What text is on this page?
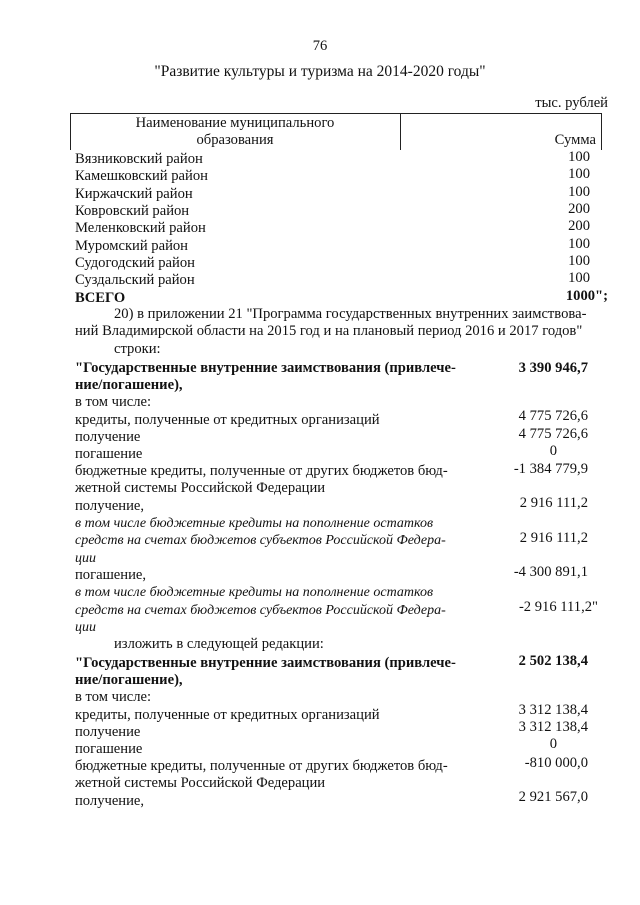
76
"Развитие культуры и туризма на 2014-2020 годы"
тыс. рублей
Наименование муниципального
образования	Сумма
Вязниковский район	100
Камешковский район	100
Киржачский район	100
Ковровский район	200
Меленковский район	200
Муромский район	100
Судогодский район	100
Суздальский район	100
ВСЕГО	1000";
20) в приложении 21 "Программа государственных внутренних заимствова-
ний Владимирской области на 2015 год и на плановый период 2016 и 2017 годов"
строки:
"Государственные внутренние заимствования (привлече-	3 390 946,7
ние/погашение),
в том числе:
кредиты, полученные от кредитных организаций	4 775 726,6
получение	4 775 726,6
погашение	0
бюджетные кредиты, полученные от других бюджетов бюд-	-1 384 779,9
жетной системы Российской Федерации
получение,	2 916 111,2
в том числе бюджетные кредиты на пополнение остатков
средств на счетах бюджетов субъектов Российской Федера-	2 916 111,2
ции
погашение,	-4 300 891,1
в том числе бюджетные кредиты на пополнение остатков
средств на счетах бюджетов субъектов Российской Федера-	-2 916 111,2"
ции
изложить в следующей редакции:
"Государственные внутренние заимствования (привлече-	2 502 138,4
ние/погашение),
в том числе:
кредиты, полученные от кредитных организаций	3 312 138,4
получение	3 312 138,4
погашение	0
бюджетные кредиты, полученные от других бюджетов бюд-	-810 000,0
жетной системы Российской Федерации
получение,	2 921 567,0
